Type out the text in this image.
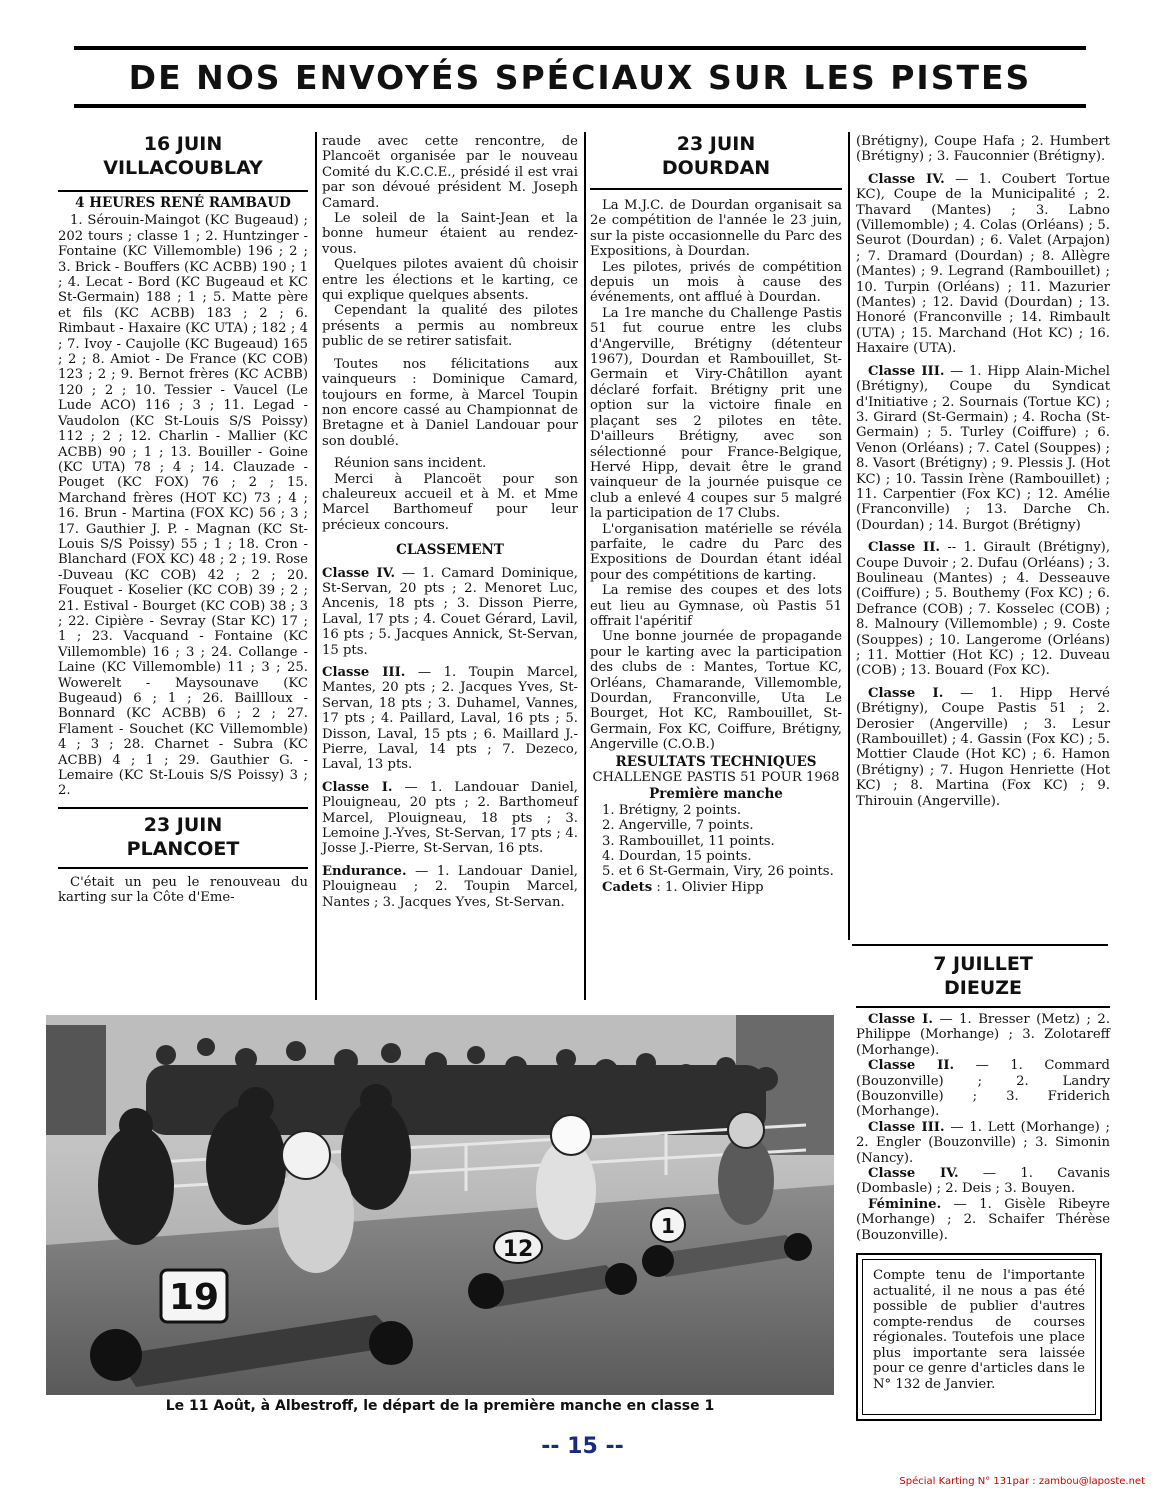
DE NOS ENVOYÉS SPÉCIAUX SUR LES PISTES
16 JUIN
VILLACOUBLAY
4 HEURES RENÉ RAMBAUD

1. Sérouin-Maingot (KC Bugeaud) ; 202 tours ; classe 1 ; 2. Huntzinger - Fontaine (KC Villemomble) 196 ; 2 ; 3. Brick - Bouffers (KC ACBB) 190 ; 1 ; 4. Lecat - Bord (KC Bugeaud et KC St-Germain) 188 ; 1 ; 5. Matte père et fils (KC ACBB) 183 ; 2 ; 6. Rimbaut - Haxaire (KC UTA) ; 182 ; 4 ; 7. Ivoy - Caujolle (KC Bugeaud) 165 ; 2 ; 8. Amiot - De France (KC COB) 123 ; 2 ; 9. Bernot frères (KC ACBB) 120 ; 2 ; 10. Tessier - Vaucel (Le Lude ACO) 116 ; 3 ; 11. Legad - Vaudolon (KC St-Louis S/S Poissy) 112 ; 2 ; 12. Charlin - Mallier (KC ACBB) 90 ; 1 ; 13. Bouiller - Goine (KC UTA) 78 ; 4 ; 14. Clauzade - Pouget (KC FOX) 76 ; 2 ; 15. Marchand frères (HOT KC) 73 ; 4 ; 16. Brun - Martina (FOX KC) 56 ; 3 ; 17. Gauthier J. P. - Magnan (KC St-Louis S/S Poissy) 55 ; 1 ; 18. Cron - Blanchard (FOX KC) 48 ; 2 ; 19. Rose -Duveau (KC COB) 42 ; 2 ; 20. Fouquet - Koselier (KC COB) 39 ; 2 ; 21. Estival - Bourget (KC COB) 38 ; 3 ; 22. Cipière - Sevray (Star KC) 17 ; 1 ; 23. Vacquand - Fontaine (KC Villemomble) 16 ; 3 ; 24. Collange - Laine (KC Villemomble) 11 ; 3 ; 25. Wowerelt - Maysounave (KC Bugeaud) 6 ; 1 ; 26. Baillloux - Bonnard (KC ACBB) 6 ; 2 ; 27. Flament - Souchet (KC Villemomble) 4 ; 3 ; 28. Charnet - Subra (KC ACBB) 4 ; 1 ; 29. Gauthier G. - Lemaire (KC St-Louis S/S Poissy) 3 ; 2.

23 JUIN
PLANCOET

C'était un peu le renouveau du karting sur la Côte d'Eme-

raude avec cette rencontre, de Plancoët organisée par le nouveau Comité du K.C.C.E., présidé il est vrai par son dévoué président M. Joseph Camard.

Le soleil de la Saint-Jean et la bonne humeur étaient au rendez-vous.

Quelques pilotes avaient dû choisir entre les élections et le karting, ce qui explique quelques absents.

Cependant la qualité des pilotes présents a permis au nombreux public de se retirer satisfait.

Toutes nos félicitations aux vainqueurs : Dominique Camard, toujours en forme, à Marcel Toupin non encore cassé au Championnat de Bretagne et à Daniel Landouar pour son doublé.

Réunion sans incident.

Merci à Plancoët pour son chaleureux accueil et à M. et Mme Marcel Barthomeuf pour leur précieux concours.

CLASSEMENT

Classe IV. — 1. Camard Dominique, St-Servan, 20 pts ; 2. Menoret Luc, Ancenis, 18 pts ; 3. Disson Pierre, Laval, 17 pts ; 4. Couet Gérard, Lavil, 16 pts ; 5. Jacques Annick, St-Servan, 15 pts.

Classe III. — 1. Toupin Marcel, Mantes, 20 pts ; 2. Jacques Yves, St-Servan, 18 pts ; 3. Duhamel, Vannes, 17 pts ; 4. Paillard, Laval, 16 pts ; 5. Disson, Laval, 15 pts ; 6. Maillard J.-Pierre, Laval, 14 pts ; 7. Dezeco, Laval, 13 pts.

Classe I. — 1. Landouar Daniel, Plouigneau, 20 pts ; 2. Barthomeuf Marcel, Plouigneau, 18 pts ; 3. Lemoine J.-Yves, St-Servan, 17 pts ; 4. Josse J.-Pierre, St-Servan, 16 pts.

Endurance. — 1. Landouar Daniel, Plouigneau ; 2. Toupin Marcel, Nantes ; 3. Jacques Yves, St-Servan.

23 JUIN
DOURDAN

La M.J.C. de Dourdan organisait sa 2e compétition de l'année le 23 juin, sur la piste occasionnelle du Parc des Expositions, à Dourdan.

Les pilotes, privés de compétition depuis un mois à cause des événements, ont afflué à Dourdan.

La 1re manche du Challenge Pastis 51 fut courue entre les clubs d'Angerville, Brétigny (détenteur 1967), Dourdan et Rambouillet, St-Germain et Viry-Châtillon ayant déclaré forfait. Brétigny prit une option sur la victoire finale en plaçant ses 2 pilotes en tête. D'ailleurs Brétigny, avec son sélectionné pour France-Belgique, Hervé Hipp, devait être le grand vainqueur de la journée puisque ce club a enlevé 4 coupes sur 5 malgré la participation de 17 Clubs.

L'organisation matérielle se révéla parfaite, le cadre du Parc des Expositions de Dourdan étant idéal pour des compétitions de karting.

La remise des coupes et des lots eut lieu au Gymnase, où Pastis 51 offrait l'apéritif

Une bonne journée de propagande pour le karting avec la participation des clubs de : Mantes, Tortue KC, Orléans, Chamarande, Villemomble, Dourdan, Franconville, Uta Le Bourget, Hot KC, Rambouillet, St-Germain, Fox KC, Coiffure, Brétigny, Angerville (C.O.B.)

RESULTATS TECHNIQUES
CHALLENGE PASTIS 51 POUR 1968
Première manche

1. Brétigny, 2 points.

2. Angerville, 7 points.

3. Rambouillet, 11 points.

4. Dourdan, 15 points.

5. et 6 St-Germain, Viry, 26 points.

Cadets : 1. Olivier Hipp

(Brétigny), Coupe Hafa ; 2. Humbert (Brétigny) ; 3. Fauconnier (Brétigny).

Classe IV. — 1. Coubert Tortue KC), Coupe de la Municipalité ; 2. Thavard (Mantes) ; 3. Labno (Villemomble) ; 4. Colas (Orléans) ; 5. Seurot (Dourdan) ; 6. Valet (Arpajon) ; 7. Dramard (Dourdan) ; 8. Allègre (Mantes) ; 9. Legrand (Rambouillet) ; 10. Turpin (Orléans) ; 11. Mazurier (Mantes) ; 12. David (Dourdan) ; 13. Honoré (Franconville ; 14. Rimbault (UTA) ; 15. Marchand (Hot KC) ; 16. Haxaire (UTA).

Classe III. — 1. Hipp Alain-Michel (Brétigny), Coupe du Syndicat d'Initiative ; 2. Sournais (Tortue KC) ; 3. Girard (St-Germain) ; 4. Rocha (St-Germain) ; 5. Turley (Coiffure) ; 6. Venon (Orléans) ; 7. Catel (Souppes) ; 8. Vasort (Brétigny) ; 9. Plessis J. (Hot KC) ; 10. Tassin Irène (Rambouillet) ; 11. Carpentier (Fox KC) ; 12. Amélie (Franconville) ; 13. Darche Ch. (Dourdan) ; 14. Burgot (Brétigny)

Classe II. -- 1. Girault (Brétigny), Coupe Duvoir ; 2. Dufau (Orléans) ; 3. Boulineau (Mantes) ; 4. Desseauve (Coiffure) ; 5. Bouthemy (Fox KC) ; 6. Defrance (COB) ; 7. Kosselec (COB) ; 8. Malnoury (Villemomble) ; 9. Coste (Souppes) ; 10. Langerome (Orléans) ; 11. Mottier (Hot KC) ; 12. Duveau (COB) ; 13. Bouard (Fox KC).

Classe I. — 1. Hipp Hervé (Brétigny), Coupe Pastis 51 ; 2. Derosier (Angerville) ; 3. Lesur (Rambouillet) ; 4. Gassin (Fox KC) ; 5. Mottier Claude (Hot KC) ; 6. Hamon (Brétigny) ; 7. Hugon Henriette (Hot KC) ; 8. Martina (Fox KC) ; 9. Thirouin (Angerville).

7 JUILLET
DIEUZE

Classe I. — 1. Bresser (Metz) ; 2. Philippe (Morhange) ; 3. Zolotareff (Morhange).

Classe II. — 1. Commard (Bouzonville) ; 2. Landry (Bouzonville) ; 3. Friderich (Morhange).

Classe III. — 1. Lett (Morhange) ; 2. Engler (Bouzonville) ; 3. Simonin (Nancy).

Classe IV. — 1. Cavanis (Dombasle) ; 2. Deis ; 3. Bouyen.

Féminine. — 1. Gisèle Ribeyre (Morhange) ; 2. Schaifer Thérèse (Bouzonville).

19
12
1
Le 11 Août, à Albestroff, le départ de la première manche en classe 1
Compte tenu de l'importante actualité, il ne nous a pas été possible de publier d'autres compte-rendus de courses régionales. Toutefois une place plus importante sera laissée pour ce genre d'articles dans le N° 132 de Janvier.
-- 15 --
Spécial Karting N° 131par : zambou@laposte.net
